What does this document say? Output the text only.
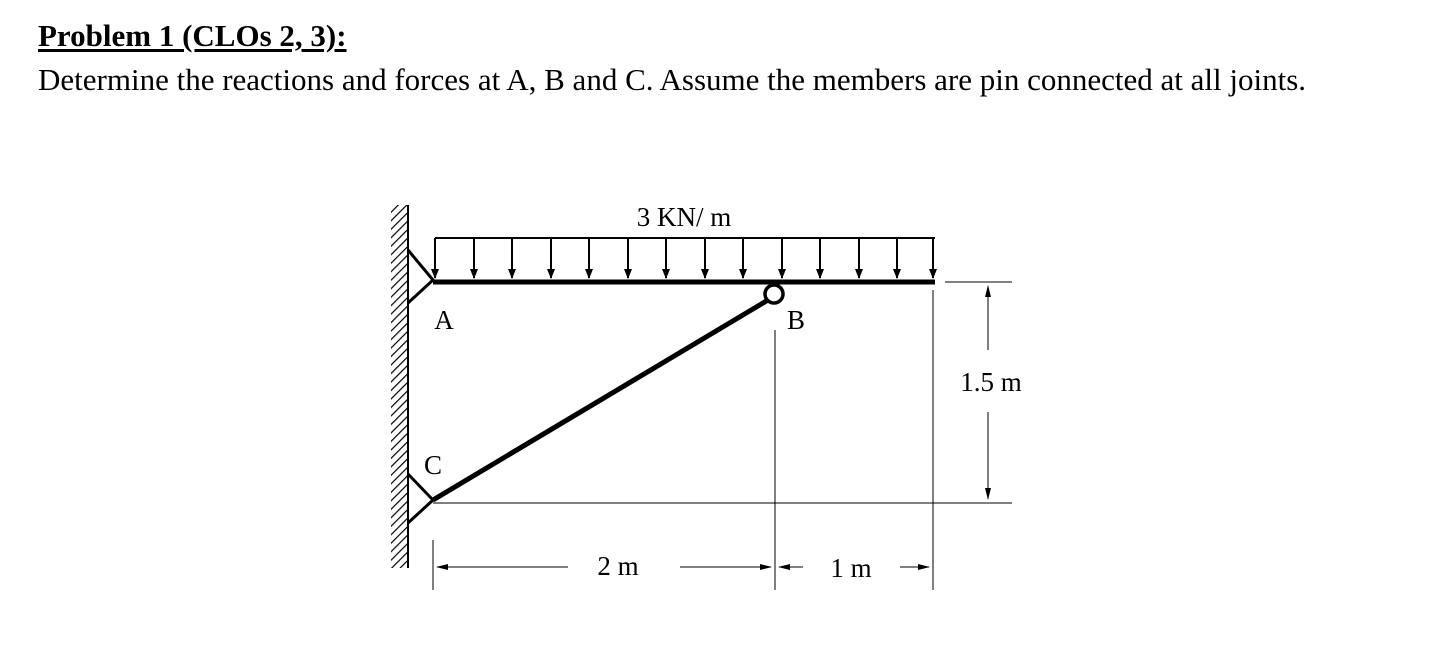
Problem 1 (CLOs 2, 3):
Determine the reactions and forces at A, B and C. Assume the members are pin connected at all joints.
3 KN/ m
A	B
C
2 m	1 m
1.5 m
